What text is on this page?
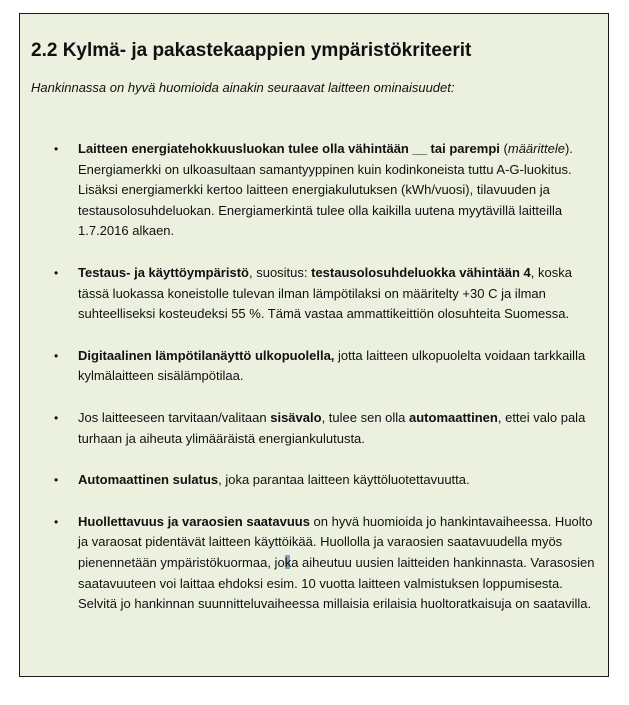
2.2 Kylmä- ja pakastekaappien ympäristökriteerit

Hankinnassa on hyvä huomioida ainakin seuraavat laitteen ominaisuudet:

• Laitteen energiatehokkuusluokan tulee olla vähintään __ tai parempi (määrittele). Energiamerkki on ulkoasultaan samantyyppinen kuin kodinkoneista tuttu A-G-luokitus. Lisäksi energiamerkki kertoo laitteen energiakulutuksen (kWh/vuosi), tilavuuden ja testausolosuhdeluokan. Energiamerkintä tulee olla kaikilla uutena myytävillä laitteilla 1.7.2016 alkaen.
• Testaus- ja käyttöympäristö, suositus: testausolosuhdeluokka vähintään 4, koska tässä luokassa koneistolle tulevan ilman lämpötilaksi on määritelty +30 C ja ilman suhteelliseksi kosteudeksi 55 %. Tämä vastaa ammattikeittiön olosuhteita Suomessa.
• Digitaalinen lämpötilanäyttö ulkopuolella, jotta laitteen ulkopuolelta voidaan tarkkailla kylmälaitteen sisälämpötilaa.
• Jos laitteeseen tarvitaan/valitaan sisävalo, tulee sen olla automaattinen, ettei valo pala turhaan ja aiheuta ylimääräistä energiankulutusta.
• Automaattinen sulatus, joka parantaa laitteen käyttöluotettavuutta.
• Huollettavuus ja varaosien saatavuus on hyvä huomioida jo hankintavaiheessa. Huolto ja varaosat pidentävät laitteen käyttöikää. Huollolla ja varaosien saatavuudella myös pienennetään ympäristökuormaa, joka aiheutuu uusien laitteiden hankinnasta. Varasosien saatavuuteen voi laittaa ehdoksi esim. 10 vuotta laitteen valmistuksen loppumisesta. Selvitä jo hankinnan suunnitteluvaiheessa millaisia erilaisia huoltoratkaisuja on saatavilla.
